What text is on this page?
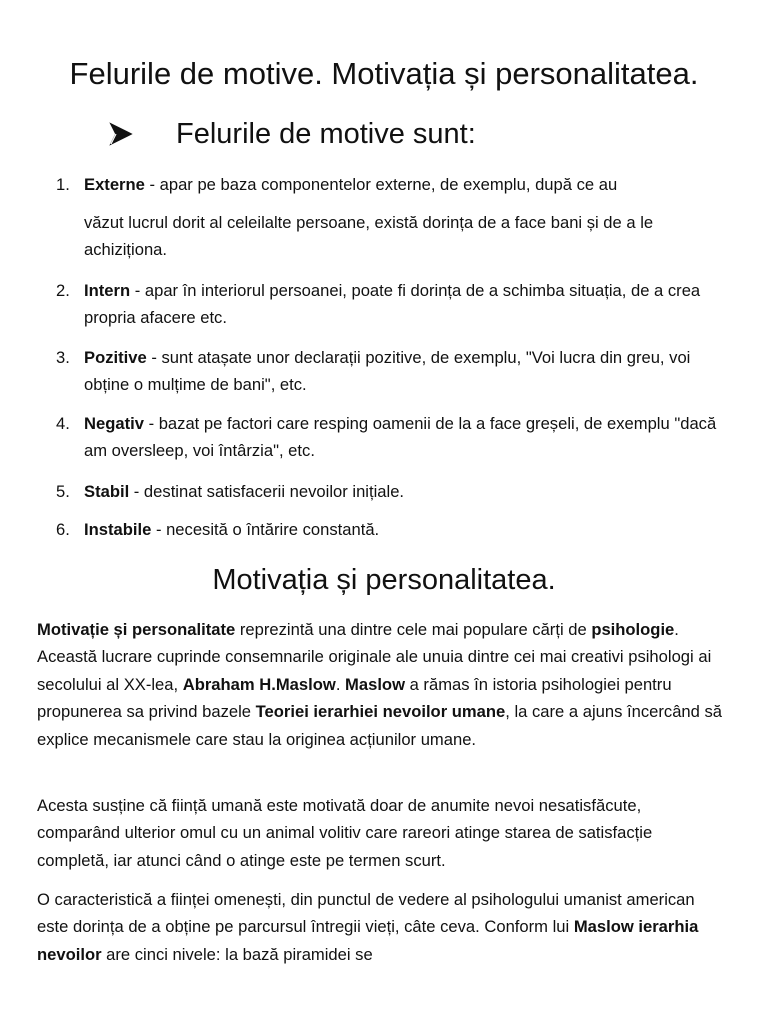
Felurile de motive. Motivația și personalitatea.
Felurile de motive sunt:
1. Externe - apar pe baza componentelor externe, de exemplu, după ce au
văzut lucrul dorit al celeilalte persoane, există dorința de a face bani și de a le achiziționa.
2. Intern - apar în interiorul persoanei, poate fi dorința de a schimba situația, de a crea propria afacere etc.
3. Pozitive - sunt atașate unor declarații pozitive, de exemplu, "Voi lucra din greu, voi obține o mulțime de bani", etc.
4. Negativ - bazat pe factori care resping oamenii de la a face greșeli, de exemplu "dacă am oversleep, voi întârzia", etc.
5. Stabil - destinat satisfacerii nevoilor inițiale.
6. Instabile - necesită o întărire constantă.
Motivația și personalitatea.

Motivație și personalitate reprezintă una dintre cele mai populare cărți de psihologie. Această lucrare cuprinde consemnarile originale ale unuia dintre cei mai creativi psihologi ai secolului al XX-lea, Abraham H.Maslow. Maslow a rămas în istoria psihologiei pentru propunerea sa privind bazele Teoriei ierarhiei nevoilor umane, la care a ajuns încercând să explice mecanismele care stau la originea acțiunilor umane.

Acesta susține că ființă umană este motivată doar de anumite nevoi nesatisfăcute, comparând ulterior omul cu un animal volitiv care rareori atinge starea de satisfacție completă, iar atunci când o atinge este pe termen scurt.

O caracteristică a ființei omenești, din punctul de vedere al psihologului umanist american este dorința de a obține pe parcursul întregii vieți, câte ceva. Conform lui Maslow ierarhia nevoilor are cinci nivele: la bază piramidei se
